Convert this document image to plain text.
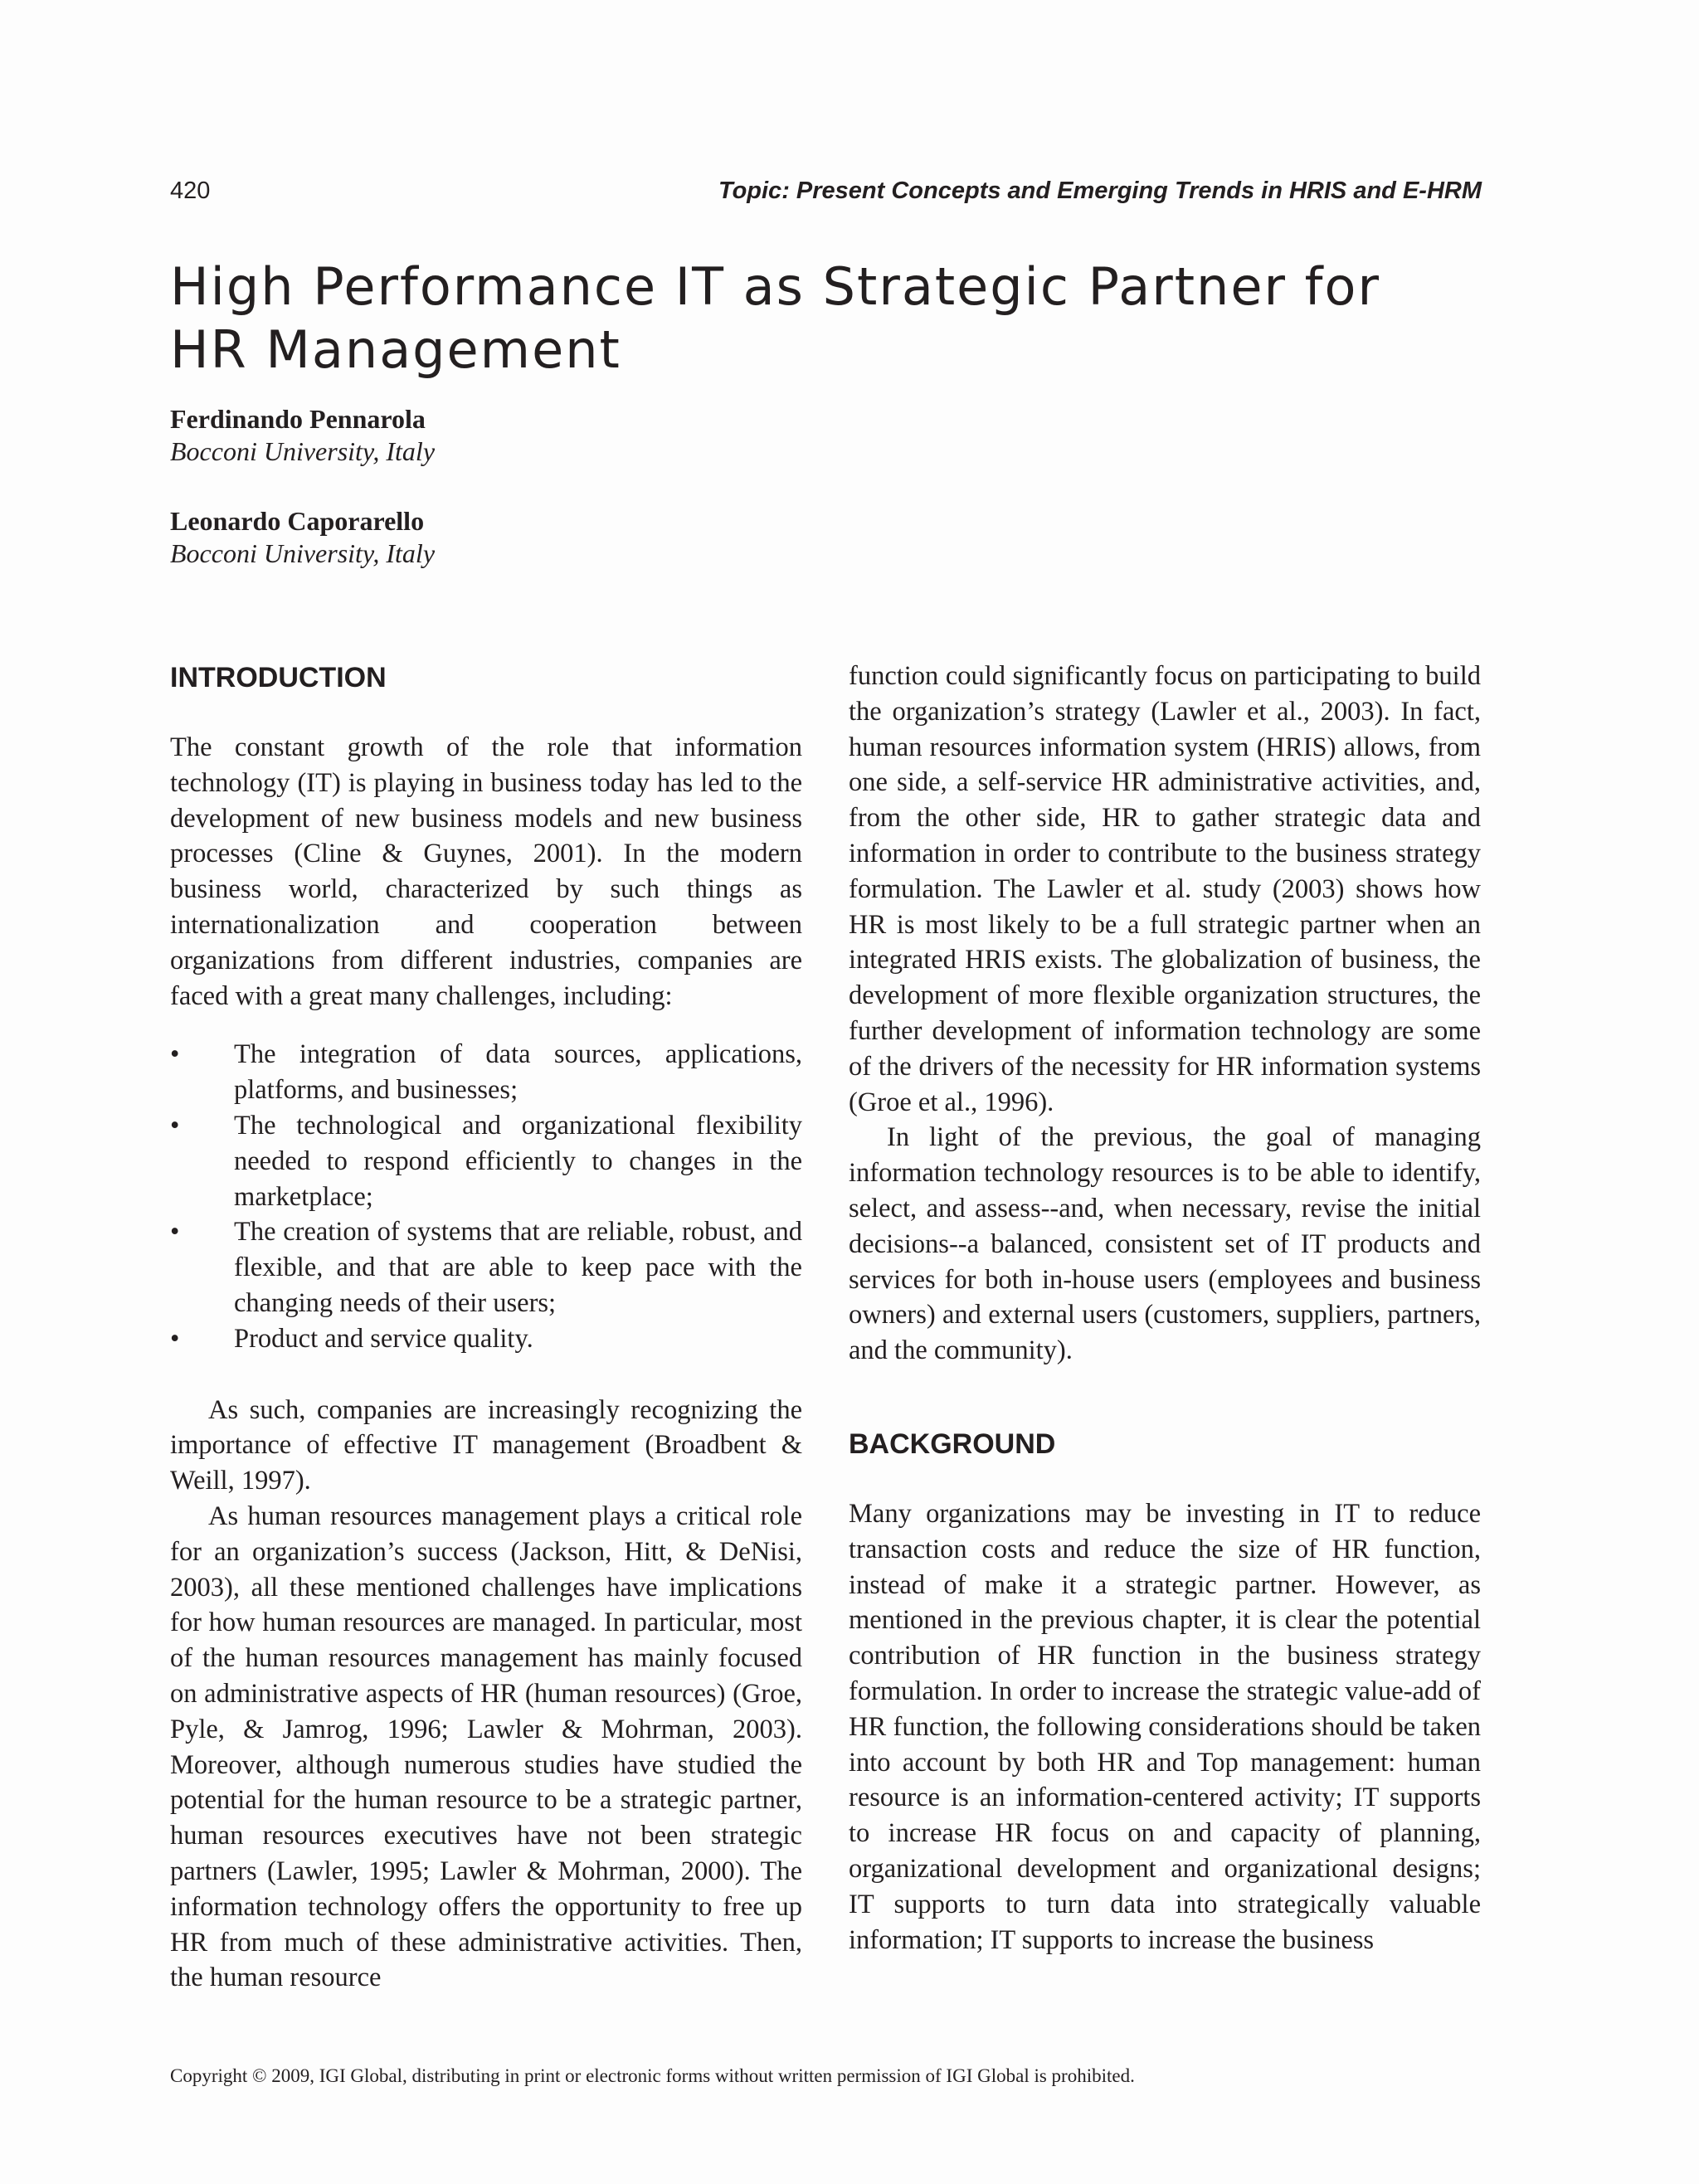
420	Topic: Present Concepts and Emerging Trends in HRIS and E-HRM
High Performance IT as Strategic Partner for
HR Management
Ferdinando Pennarola
Bocconi University, Italy
Leonardo Caporarello
Bocconi University, Italy
INTRODUCTION

The constant growth of the role that information technology (IT) is playing in business today has led to the development of new business models and new business processes (Cline & Guynes, 2001). In the modern business world, characterized by such things as internationalization and cooperation between organizations from different industries, companies are faced with a great many challenges, including:

• The integration of data sources, applications, platforms, and businesses;
• The technological and organizational flexibility needed to respond efficiently to changes in the marketplace;
• The creation of systems that are reliable, robust, and flexible, and that are able to keep pace with the changing needs of their users;
• Product and service quality.

As such, companies are increasingly recognizing the importance of effective IT management (Broadbent & Weill, 1997).

As human resources management plays a critical role for an organization’s success (Jackson, Hitt, & DeNisi, 2003), all these mentioned challenges have implications for how human resources are managed. In particular, most of the human resources management has mainly focused on administrative aspects of HR (human resources) (Groe, Pyle, & Jamrog, 1996; Lawler & Mohrman, 2003). Moreover, although numerous studies have studied the potential for the human resource to be a strategic partner, human resources executives have not been strategic partners (Lawler, 1995; Lawler & Mohrman, 2000). The information technology offers the opportunity to free up HR from much of these administrative activities. Then, the human resource

function could significantly focus on participating to build the organization’s strategy (Lawler et al., 2003). In fact, human resources information system (HRIS) allows, from one side, a self-service HR administrative activities, and, from the other side, HR to gather strategic data and information in order to contribute to the business strategy formulation. The Lawler et al. study (2003) shows how HR is most likely to be a full strategic partner when an integrated HRIS exists. The globalization of business, the development of more flexible organization structures, the further development of information technology are some of the drivers of the necessity for HR information systems (Groe et al., 1996).

In light of the previous, the goal of managing information technology resources is to be able to identify, select, and assess--and, when necessary, revise the initial decisions--a balanced, consistent set of IT products and services for both in-house users (employees and business owners) and external users (customers, suppliers, partners, and the community).

BACKGROUND

Many organizations may be investing in IT to reduce transaction costs and reduce the size of HR function, instead of make it a strategic partner. However, as mentioned in the previous chapter, it is clear the potential contribution of HR function in the business strategy formulation. In order to increase the strategic value-add of HR function, the following considerations should be taken into account by both HR and Top management: human resource is an information-centered activity; IT supports to increase HR focus on and capacity of planning, organizational development and organizational designs; IT supports to turn data into strategically valuable information; IT supports to increase the business

Copyright © 2009, IGI Global, distributing in print or electronic forms without written permission of IGI Global is prohibited.
